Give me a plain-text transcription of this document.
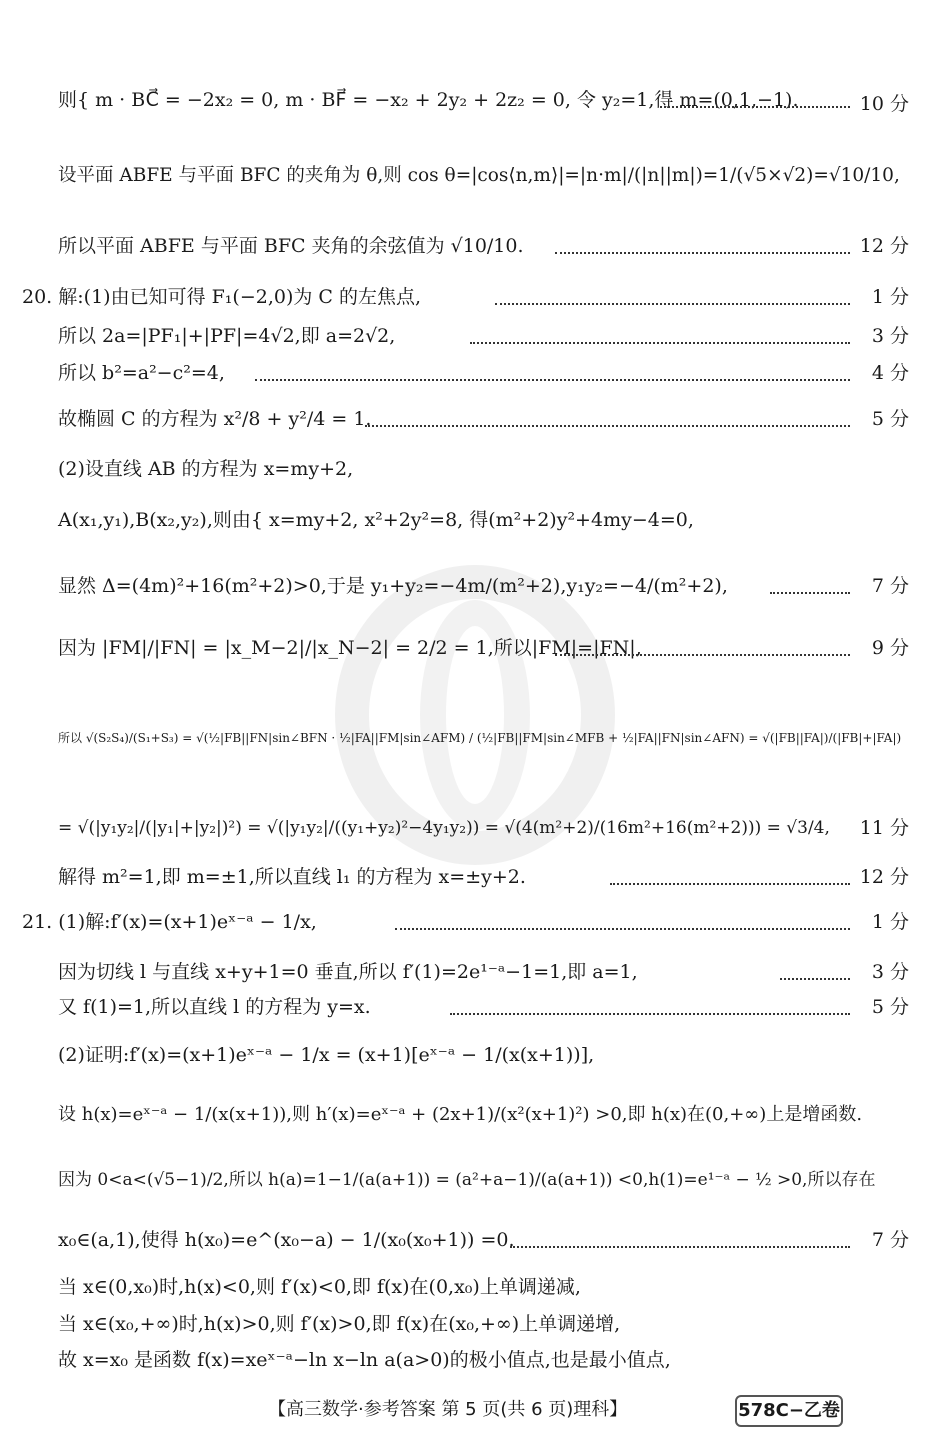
则{ m · BC⃗ = −2x₂ = 0, m · BF⃗ = −x₂ + 2y₂ + 2z₂ = 0, 令 y₂=1,得 m=(0,1,−1).	10 分
设平面 ABFE 与平面 BFC 的夹角为 θ,则 cos θ=|cos⟨n,m⟩|=|n·m|/(|n||m|)=1/(√5×√2)=√10/10,
所以平面 ABFE 与平面 BFC 夹角的余弦值为 √10/10.	12 分
20. 解:(1)由已知可得 F₁(−2,0)为 C 的左焦点,	1 分
所以 2a=|PF₁|+|PF|=4√2,即 a=2√2,	3 分
所以 b²=a²−c²=4,	4 分
故椭圆 C 的方程为 x²/8 + y²/4 = 1.	5 分
(2)设直线 AB 的方程为 x=my+2,
A(x₁,y₁),B(x₂,y₂),则由{ x=my+2, x²+2y²=8, 得(m²+2)y²+4my−4=0,
显然 Δ=(4m)²+16(m²+2)>0,于是 y₁+y₂=−4m/(m²+2),y₁y₂=−4/(m²+2),	7 分
因为 |FM|/|FN| = |x_M−2|/|x_N−2| = 2/2 = 1,所以|FM|=|FN|,	9 分
所以 √(S₂S₄)/(S₁+S₃) = √(½|FB||FN|sin∠BFN · ½|FA||FM|sin∠AFM) / (½|FB||FM|sin∠MFB + ½|FA||FN|sin∠AFN) = √(|FB||FA|)/(|FB|+|FA|)
= √(|y₁y₂|/(|y₁|+|y₂|)²) = √(|y₁y₂|/((y₁+y₂)²−4y₁y₂)) = √(4(m²+2)/(16m²+16(m²+2))) = √3/4, 11 分
解得 m²=1,即 m=±1,所以直线 l₁ 的方程为 x=±y+2.	12 分
21. (1)解:f′(x)=(x+1)eˣ⁻ᵃ − 1/x,	1 分
因为切线 l 与直线 x+y+1=0 垂直,所以 f′(1)=2e¹⁻ᵃ−1=1,即 a=1,	3 分
又 f(1)=1,所以直线 l 的方程为 y=x.	5 分
(2)证明:f′(x)=(x+1)eˣ⁻ᵃ − 1/x = (x+1)[eˣ⁻ᵃ − 1/(x(x+1))],
设 h(x)=eˣ⁻ᵃ − 1/(x(x+1)),则 h′(x)=eˣ⁻ᵃ + (2x+1)/(x²(x+1)²) >0,即 h(x)在(0,+∞)上是增函数.
因为 0<a<(√5−1)/2,所以 h(a)=1−1/(a(a+1)) = (a²+a−1)/(a(a+1)) <0,h(1)=e¹⁻ᵃ − ½ >0,所以存在
x₀∈(a,1),使得 h(x₀)=e^(x₀−a) − 1/(x₀(x₀+1)) =0.	7 分
当 x∈(0,x₀)时,h(x)<0,则 f′(x)<0,即 f(x)在(0,x₀)上单调递减,
当 x∈(x₀,+∞)时,h(x)>0,则 f′(x)>0,即 f(x)在(x₀,+∞)上单调递增,
故 x=x₀ 是函数 f(x)=xeˣ⁻ᵃ−ln x−ln a(a>0)的极小值点,也是最小值点,
【高三数学·参考答案 第 5 页(共 6 页)理科】	578C−乙卷
